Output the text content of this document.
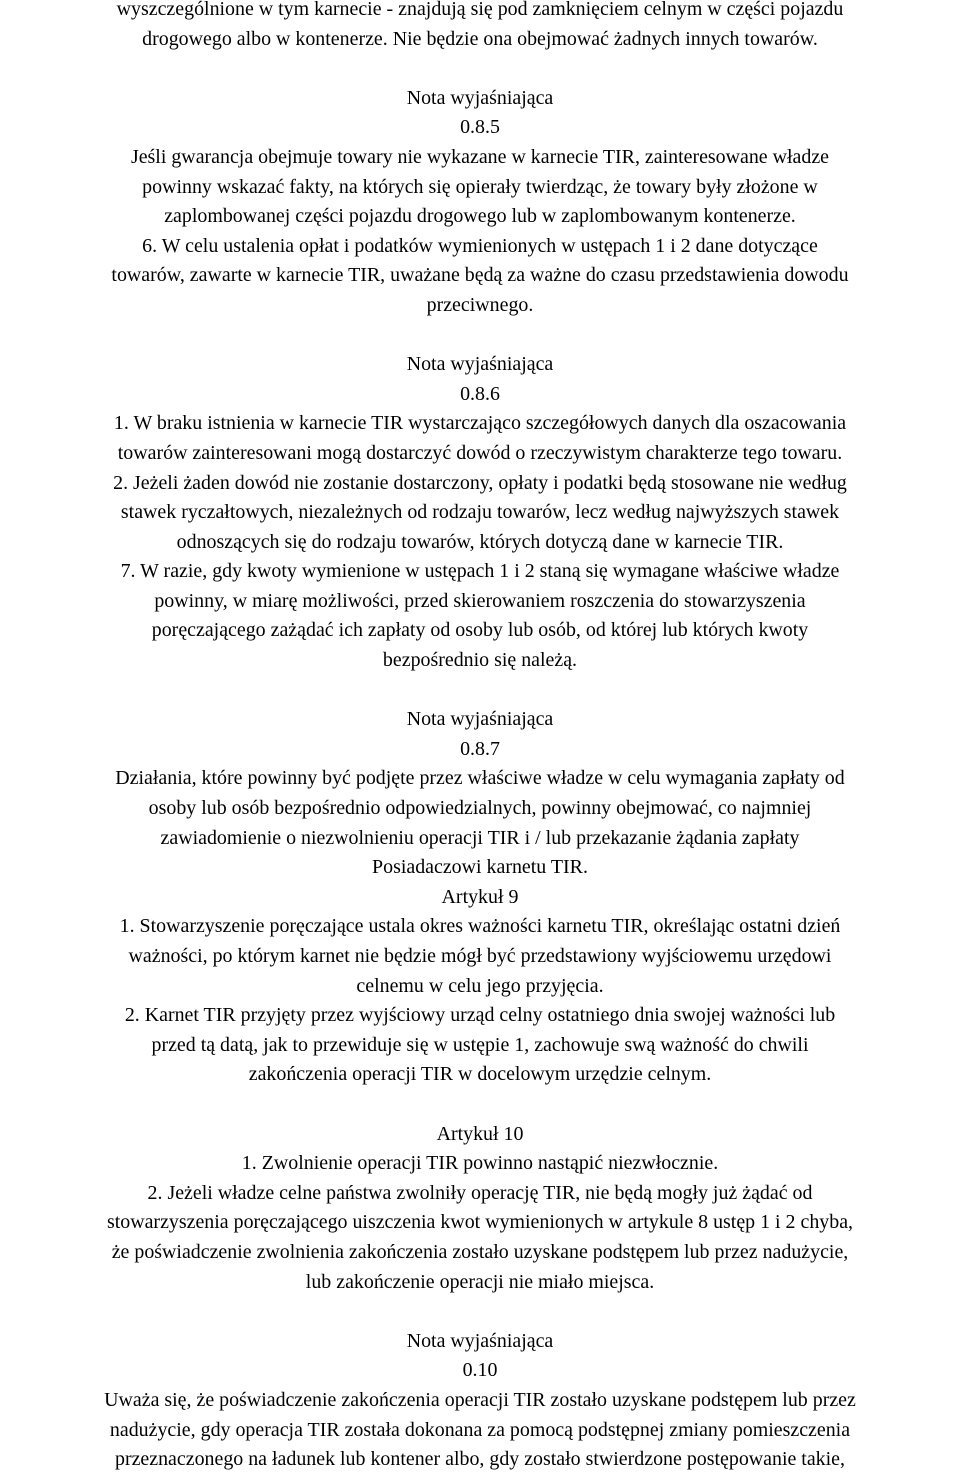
wyszczególnione w tym karnecie - znajdują się pod zamknięciem celnym w części pojazdu
drogowego albo w kontenerze. Nie będzie ona obejmować żadnych innych towarów.
Nota wyjaśniająca
0.8.5
Jeśli gwarancja obejmuje towary nie wykazane w karnecie TIR, zainteresowane władze
powinny wskazać fakty, na których się opierały twierdząc, że towary były złożone w
zaplombowanej części pojazdu drogowego lub w zaplombowanym kontenerze.
6. W celu ustalenia opłat i podatków wymienionych w ustępach 1 i 2 dane dotyczące
towarów, zawarte w karnecie TIR, uważane będą za ważne do czasu przedstawienia dowodu
przeciwnego.
Nota wyjaśniająca
0.8.6
1. W braku istnienia w karnecie TIR wystarczająco szczegółowych danych dla oszacowania
towarów zainteresowani mogą dostarczyć dowód o rzeczywistym charakterze tego towaru.
2. Jeżeli żaden dowód nie zostanie dostarczony, opłaty i podatki będą stosowane nie według
stawek ryczałtowych, niezależnych od rodzaju towarów, lecz według najwyższych stawek
odnoszących się do rodzaju towarów, których dotyczą dane w karnecie TIR.
7. W razie, gdy kwoty wymienione w ustępach 1 i 2 staną się wymagane właściwe władze
powinny, w miarę możliwości, przed skierowaniem roszczenia do stowarzyszenia
poręczającego zażądać ich zapłaty od osoby lub osób, od której lub których kwoty
bezpośrednio się należą.
Nota wyjaśniająca
0.8.7
Działania, które powinny być podjęte przez właściwe władze w celu wymagania zapłaty od
osoby lub osób bezpośrednio odpowiedzialnych, powinny obejmować, co najmniej
zawiadomienie o niezwolnieniu operacji TIR i / lub przekazanie żądania zapłaty
Posiadaczowi karnetu TIR.
Artykuł 9
1. Stowarzyszenie poręczające ustala okres ważności karnetu TIR, określając ostatni dzień
ważności, po którym karnet nie będzie mógł być przedstawiony wyjściowemu urzędowi
celnemu w celu jego przyjęcia.
2. Karnet TIR przyjęty przez wyjściowy urząd celny ostatniego dnia swojej ważności lub
przed tą datą, jak to przewiduje się w ustępie 1, zachowuje swą ważność do chwili
zakończenia operacji TIR w docelowym urzędzie celnym.
Artykuł 10
1. Zwolnienie operacji TIR powinno nastąpić niezwłocznie.
2. Jeżeli władze celne państwa zwolniły operację TIR, nie będą mogły już żądać od
stowarzyszenia poręczającego uiszczenia kwot wymienionych w artykule 8 ustęp 1 i 2 chyba,
że poświadczenie zwolnienia zakończenia zostało uzyskane podstępem lub przez nadużycie,
lub zakończenie operacji nie miało miejsca.
Nota wyjaśniająca
0.10
Uważa się, że poświadczenie zakończenia operacji TIR zostało uzyskane podstępem lub przez
nadużycie, gdy operacja TIR została dokonana za pomocą podstępnej zmiany pomieszczenia
przeznaczonego na ładunek lub kontener albo, gdy zostało stwierdzone postępowanie takie,
